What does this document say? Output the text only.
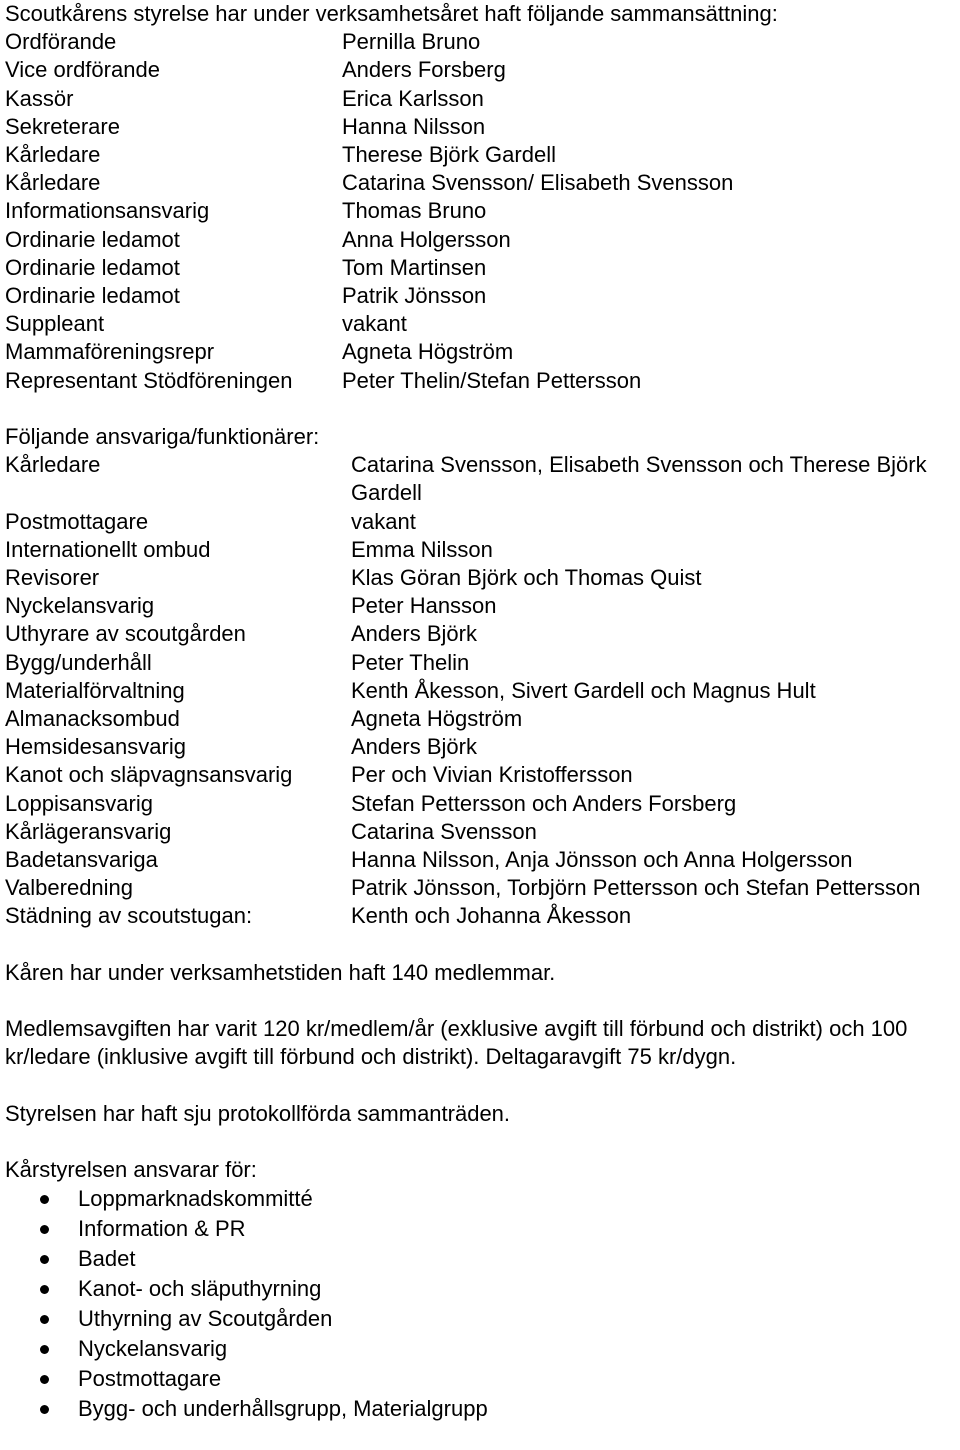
Scoutkårens styrelse har under verksamhetsåret haft följande sammansättning:
Ordförande	Pernilla Bruno
Vice ordförande	Anders Forsberg
Kassör	Erica Karlsson
Sekreterare	Hanna Nilsson
Kårledare	Therese Björk Gardell
Kårledare	Catarina Svensson/ Elisabeth Svensson
Informationsansvarig	Thomas Bruno
Ordinarie ledamot	Anna Holgersson
Ordinarie ledamot	Tom Martinsen
Ordinarie ledamot	Patrik Jönsson
Suppleant	vakant
Mammaföreningsrepr	Agneta Högström
Representant Stödföreningen	Peter Thelin/Stefan Pettersson
Följande ansvariga/funktionärer:
Kårledare	Catarina Svensson, Elisabeth Svensson och Therese Björk Gardell
Postmottagare	vakant
Internationellt ombud	Emma Nilsson
Revisorer	Klas Göran Björk och Thomas Quist
Nyckelansvarig	Peter Hansson
Uthyrare av scoutgården	Anders Björk
Bygg/underhåll	Peter Thelin
Materialförvaltning	Kenth Åkesson, Sivert Gardell och Magnus Hult
Almanacksombud	Agneta Högström
Hemsidesansvarig	Anders Björk
Kanot och släpvagnsansvarig	Per och Vivian Kristoffersson
Loppisansvarig	Stefan Pettersson och Anders Forsberg
Kårlägeransvarig	Catarina Svensson
Badetansvariga	Hanna Nilsson, Anja Jönsson och Anna Holgersson
Valberedning	Patrik Jönsson, Torbjörn Pettersson och Stefan Pettersson
Städning av scoutstugan:	Kenth och Johanna Åkesson
Kåren har under verksamhetstiden haft 140 medlemmar.
Medlemsavgiften har varit 120 kr/medlem/år (exklusive avgift till förbund och distrikt) och 100 kr/ledare (inklusive avgift till förbund och distrikt). Deltagaravgift 75 kr/dygn.
Styrelsen har haft sju protokollförda sammanträden.
Kårstyrelsen ansvarar för:
Loppmarknadskommitté
Information & PR
Badet
Kanot- och släputhyrning
Uthyrning av Scoutgården
Nyckelansvarig
Postmottagare
Bygg- och underhållsgrupp, Materialgrupp
